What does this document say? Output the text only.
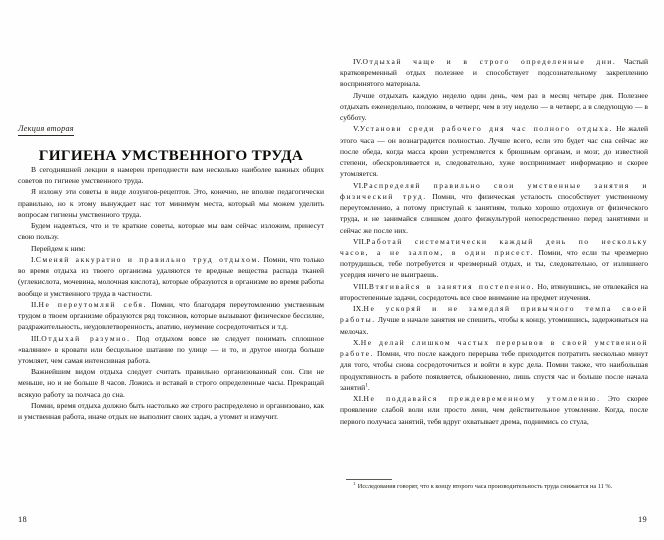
Лекция вторая
ГИГИЕНА УМСТВЕННОГО ТРУДА

В сегодняшней лекции я намерен преподнести вам несколько наиболее важных общих советов по гигиене умственного труда.

Я изложу эти советы в виде лозунгов-рецептов. Это, конечно, не вполне педагогически правильно, но к этому вынуждает нас тот минимум места, который мы можем уделить вопросам гигиены умственного труда.

Будем надеяться, что и те краткие советы, которые мы вам сейчас изложим, принесут свою пользу.

Перейдем к ним:

I.Сменяй аккуратно и правильно труд отдыхом. Помни, что только во время отдыха из твоего организма удаляются те вредные вещества распада тканей (углекислота, мочевина, молочная кислота), которые образуются в организме во время работы вообще и умственного труда в частности.

II.Не переутомляй себя. Помни, что благодаря переутомлению умственным трудом в твоем организме образуются ряд токсинов, которые вызывают физическое бессилие, раздражительность, неудовлетворенность, апатию, неумение сосредоточиться и т.д.

III.Отдыхай разумно. Под отдыхом вовсе не следует понимать сплошное «валяние» в кровати или бесцельное шатание по улице — и то, и другое иногда больше утомляет, чем самая интенсивная работа.

Важнейшим видом отдыха следует считать правильно организованный сон. Спи не меньше, но и не больше 8 часов. Ложись и вставай в строго определенные часы. Прекращай всякую работу за полчаса до сна.

Помни, время отдыха должно быть настолько же строго распределено и организовано, как и умственная работа, иначе отдых не выполнит своих задач, а утомит и измучит.

18

IV.Отдыхай чаще и в строго определенные дни. Частый кратковременный отдых полезнее и способствует подсознательному закреплению воспринятого материала.

Лучше отдыхать каждую неделю один день, чем раз в месяц четыре дня. Полезнее отдыхать еженедельно, положим, в четверг, чем в эту неделю — в четверг, а в следующую — в субботу.

V.Установи среди рабочего дня час полного отдыха. Не жалей этого часа — он вознаградится полностью. Лучше всего, если это будет час сна сейчас же после обеда, когда масса крови устремляется к брюшным органам, и мозг, до известной степени, обескровливается и, следовательно, хуже воспринимает информацию и скорее утомляется.

VI.Распределяй правильно свои умственные занятия и физический труд. Помни, что физическая усталость способствует умственному переутомлению, а потому приступай к занятиям, только хорошо отдохнув от физического труда, и не занимайся слишком долго физкультурой непосредственно перед занятиями и сейчас же после них.

VII.Работай систематически каждый день по нескольку часов, а не залпом, в один присест. Помни, что если ты чрезмерно потрудишься, тебе потребуется и чрезмерный отдых, и ты, следовательно, от излишнего усердия ничего не выиграешь.

VIII.Втягивайся в занятия постепенно. Но, втянувшись, не отвлекайся на второстепенные задачи, сосредоточь все свое внимание на предмет изучения.

IX.Не ускоряй и не замедляй привычного темпа своей работы. Лучше в начале занятия не спешить, чтобы к концу, утомившись, задерживаться на мелочах.

X.Не делай слишком частых перерывов в своей умственной работе. Помни, что после каждого перерыва тебе приходится потратить несколько минут для того, чтобы снова сосредоточиться и войти в курс дела. Помни также, что наибольшая продуктивность в работе появляется, обыкновенно, лишь спустя час и больше после начала занятий$^1$.

XI.Не поддавайся преждевременному утомлению. Это скорее проявление слабой воли или просто лени, чем действительное утомление. Когда, после первого получаса занятий, тебя вдруг охватывает дрема, поднимись со стула,

$^1$ Исследования говорят, что к концу второго часа производительность труда снижается на 11 %.

19
